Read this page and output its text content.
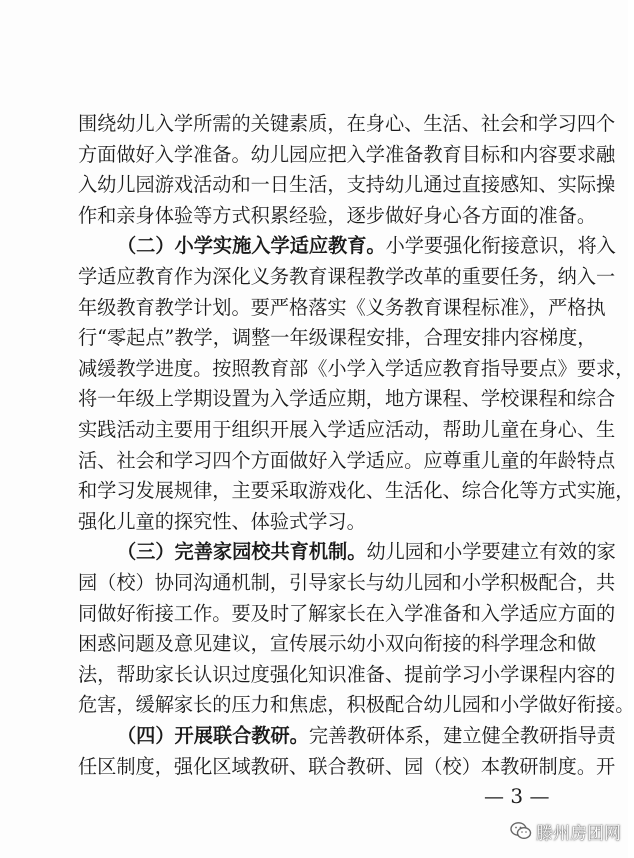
围绕幼儿入学所需的关键素质，在身心、生活、社会和学习四个
方面做好入学准备。幼儿园应把入学准备教育目标和内容要求融
入幼儿园游戏活动和一日生活，支持幼儿通过直接感知、实际操
作和亲身体验等方式积累经验，逐步做好身心各方面的准备。
（二）小学实施入学适应教育。小学要强化衔接意识，将入
学适应教育作为深化义务教育课程教学改革的重要任务，纳入一
年级教育教学计划。要严格落实《义务教育课程标准》，严格执
行“零起点”教学，调整一年级课程安排，合理安排内容梯度，
减缓教学进度。按照教育部《小学入学适应教育指导要点》要求，
将一年级上学期设置为入学适应期，地方课程、学校课程和综合
实践活动主要用于组织开展入学适应活动，帮助儿童在身心、生
活、社会和学习四个方面做好入学适应。应尊重儿童的年龄特点
和学习发展规律，主要采取游戏化、生活化、综合化等方式实施，
强化儿童的探究性、体验式学习。
（三）完善家园校共育机制。幼儿园和小学要建立有效的家
园（校）协同沟通机制，引导家长与幼儿园和小学积极配合，共
同做好衔接工作。要及时了解家长在入学准备和入学适应方面的
困惑问题及意见建议，宣传展示幼小双向衔接的科学理念和做
法，帮助家长认识过度强化知识准备、提前学习小学课程内容的
危害，缓解家长的压力和焦虑，积极配合幼儿园和小学做好衔接。
（四）开展联合教研。完善教研体系，建立健全教研指导责
任区制度，强化区域教研、联合教研、园（校）本教研制度。开
— 3 —
滕州房团网
